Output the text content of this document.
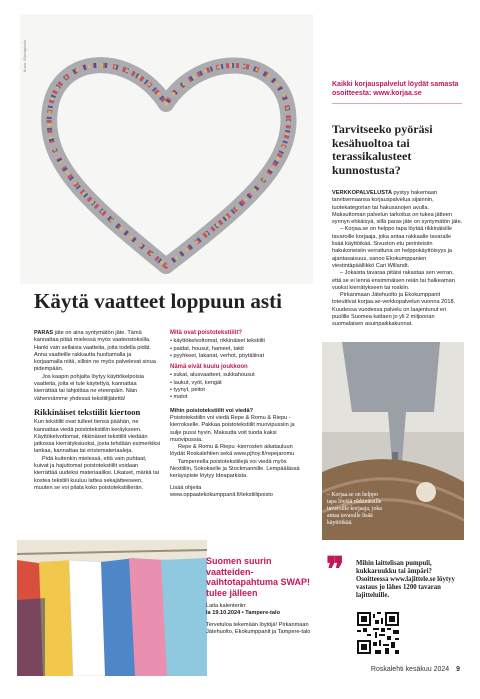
Kuva: iStockphoto
Käytä vaatteet loppuun asti

PARAS jäte on aina syntymätön jäte. Tämä kannattaa pitää mielessä myös vaateostoksilla. Hanki vain sellaisia vaatteita, joita todella pidät. Anna vaatteille rakkautta huoltamalla ja korjaamalla niitä, silloin ne myös palvelevat sinua pidempään.

Jos kaapin pohjalta löytyy käyttökelpoisia vaatteita, joita ei tule käytettyä, kannattaa kierrättää tai lahjoittaa ne eteenpäin. Näin vähennämme yhdessä tekstiilijätettä!

Rikkinäiset tekstiilit kiertoon

Kun tekstiilit ovat tulleet tiensä päähän, ne kannattaa viedä poistotekstiilin keräykseen. Käyttökelvottomat, rikkinäiset tekstiilit viedään jatkossa kierrätyksiuoksi, josta tehdään esimerkiksi lankaa, kannattaa tai eristemateriaaleja.

Pidä kuitenkin mielessä, että vain puhtaat, kuivat ja hajuttomat poistotekstiilit voidaan kierrättää uudeksi materiaaliksi. Likaiset, märkä tai kostea tekstiili kuuluu lattea sekajätteeseen, muuten se voi pilata koko poistotekstiilierän.

Mitä ovat poistotekstiilit?
• käyttökelvottomat, rikkinäiset tekstiilit
• paidat, housut, hameet, takit
• pyyhkeet, lakanat, verhot, pöytäliinat
Nämä eivät kuulu joukkoon
• sukat, alusvaatteet, sukkahousut
• laukut, vyöt, kengät
• tyynyt, peitot
• matot

Mihin poistotekstiilit voi viedä?

Poistotekstiilin voi viedä Repe & Romu & Riepu -kierrokselle. Pakkaa poistotekstiilit muovipussiin ja sulje pussi hyvin. Maksutta voit tuoda kaksi muovipussia.

Repe & Romu & Riepu -kierrosten aikatauluun löydät Roskalehtien sekä www.pjhoy.fi/repejaromu

Tampereella poistotekstiilejä voi viedä myös Nextiiliin, Sokokselle ja Stockmannille. Lempäälässä keräyspiste löytyy Ideaparkista.

Lisää ohjeita www.oppaatekokumppanit.fi/tekstiilipoisto

Suomen suurin vaatteiden-vaihtotapahtuma SWAP! tulee jälleen
Laita kalenteriin:
la 19.10.2024 • Tampere-talo
Tervetuloa tekemään löytöjä! Pirkanmaan Jätehuolto, Ekokumppanit ja Tampere-talo
Kaikki korjauspalvelut löydät samasta osoitteesta: www.korjaa.se
Tarvitseeko pyöräsi kesähuoltoa tai terassikalusteet kunnostusta?

VERKKOPALVELUSTA pystyy hakemaan tarvitsemaansa korjauspalvelua sijainnin, tuotekategorian tai hakusanojen avulla. Maksuttoman palvelun tarkoitus on tukea jätteen synnyn ehkäisyä, sillä paras jäte on syntymätön jäte.

– Korjaa.se on helppo tapa löytää rikkinäisille tavaroille korjaaja, joka antaa rakkaalle tavaralle lisää käyttöikää. Sivuston etu perinteisiin hakukoneisiin verrattuna on helppokäyttöisyys ja ajantasaisuus, sanoo Ekokumppanien viestintäpäällikkö Cari Willandt.

– Jokaista tavaraa pitäisi rakastaa sen verran, että se ei lennä ensimmäisen reiän tai halkeaman vuoksi kierrätykseen tai roskiin.

Pirkanmaan Jätehuolto ja Ekokumppanit toteuttivat korjaa.se-verkkopalvelun vuonna 2018. Kuudessa vuodessa palvelu on laajentunut eri puolille Suomea kattaen jo yli 2 miljoonan suomalaisen asuinpaikkakunnat.

– Korjaa.se on helppo tapa löytää rikkinäisille tavaroille korjaaja, joka antaa tavaralle lisää käyttöikää.
❞ Mihin laittelisan pumpuli, kukkaruukku tai ämpäri? Osoitteessa www.lajittele.se löytyy vastaus jo lähes 1200 tavaran lajitteluille.
Roskalehti kesäkuu 2024 9
